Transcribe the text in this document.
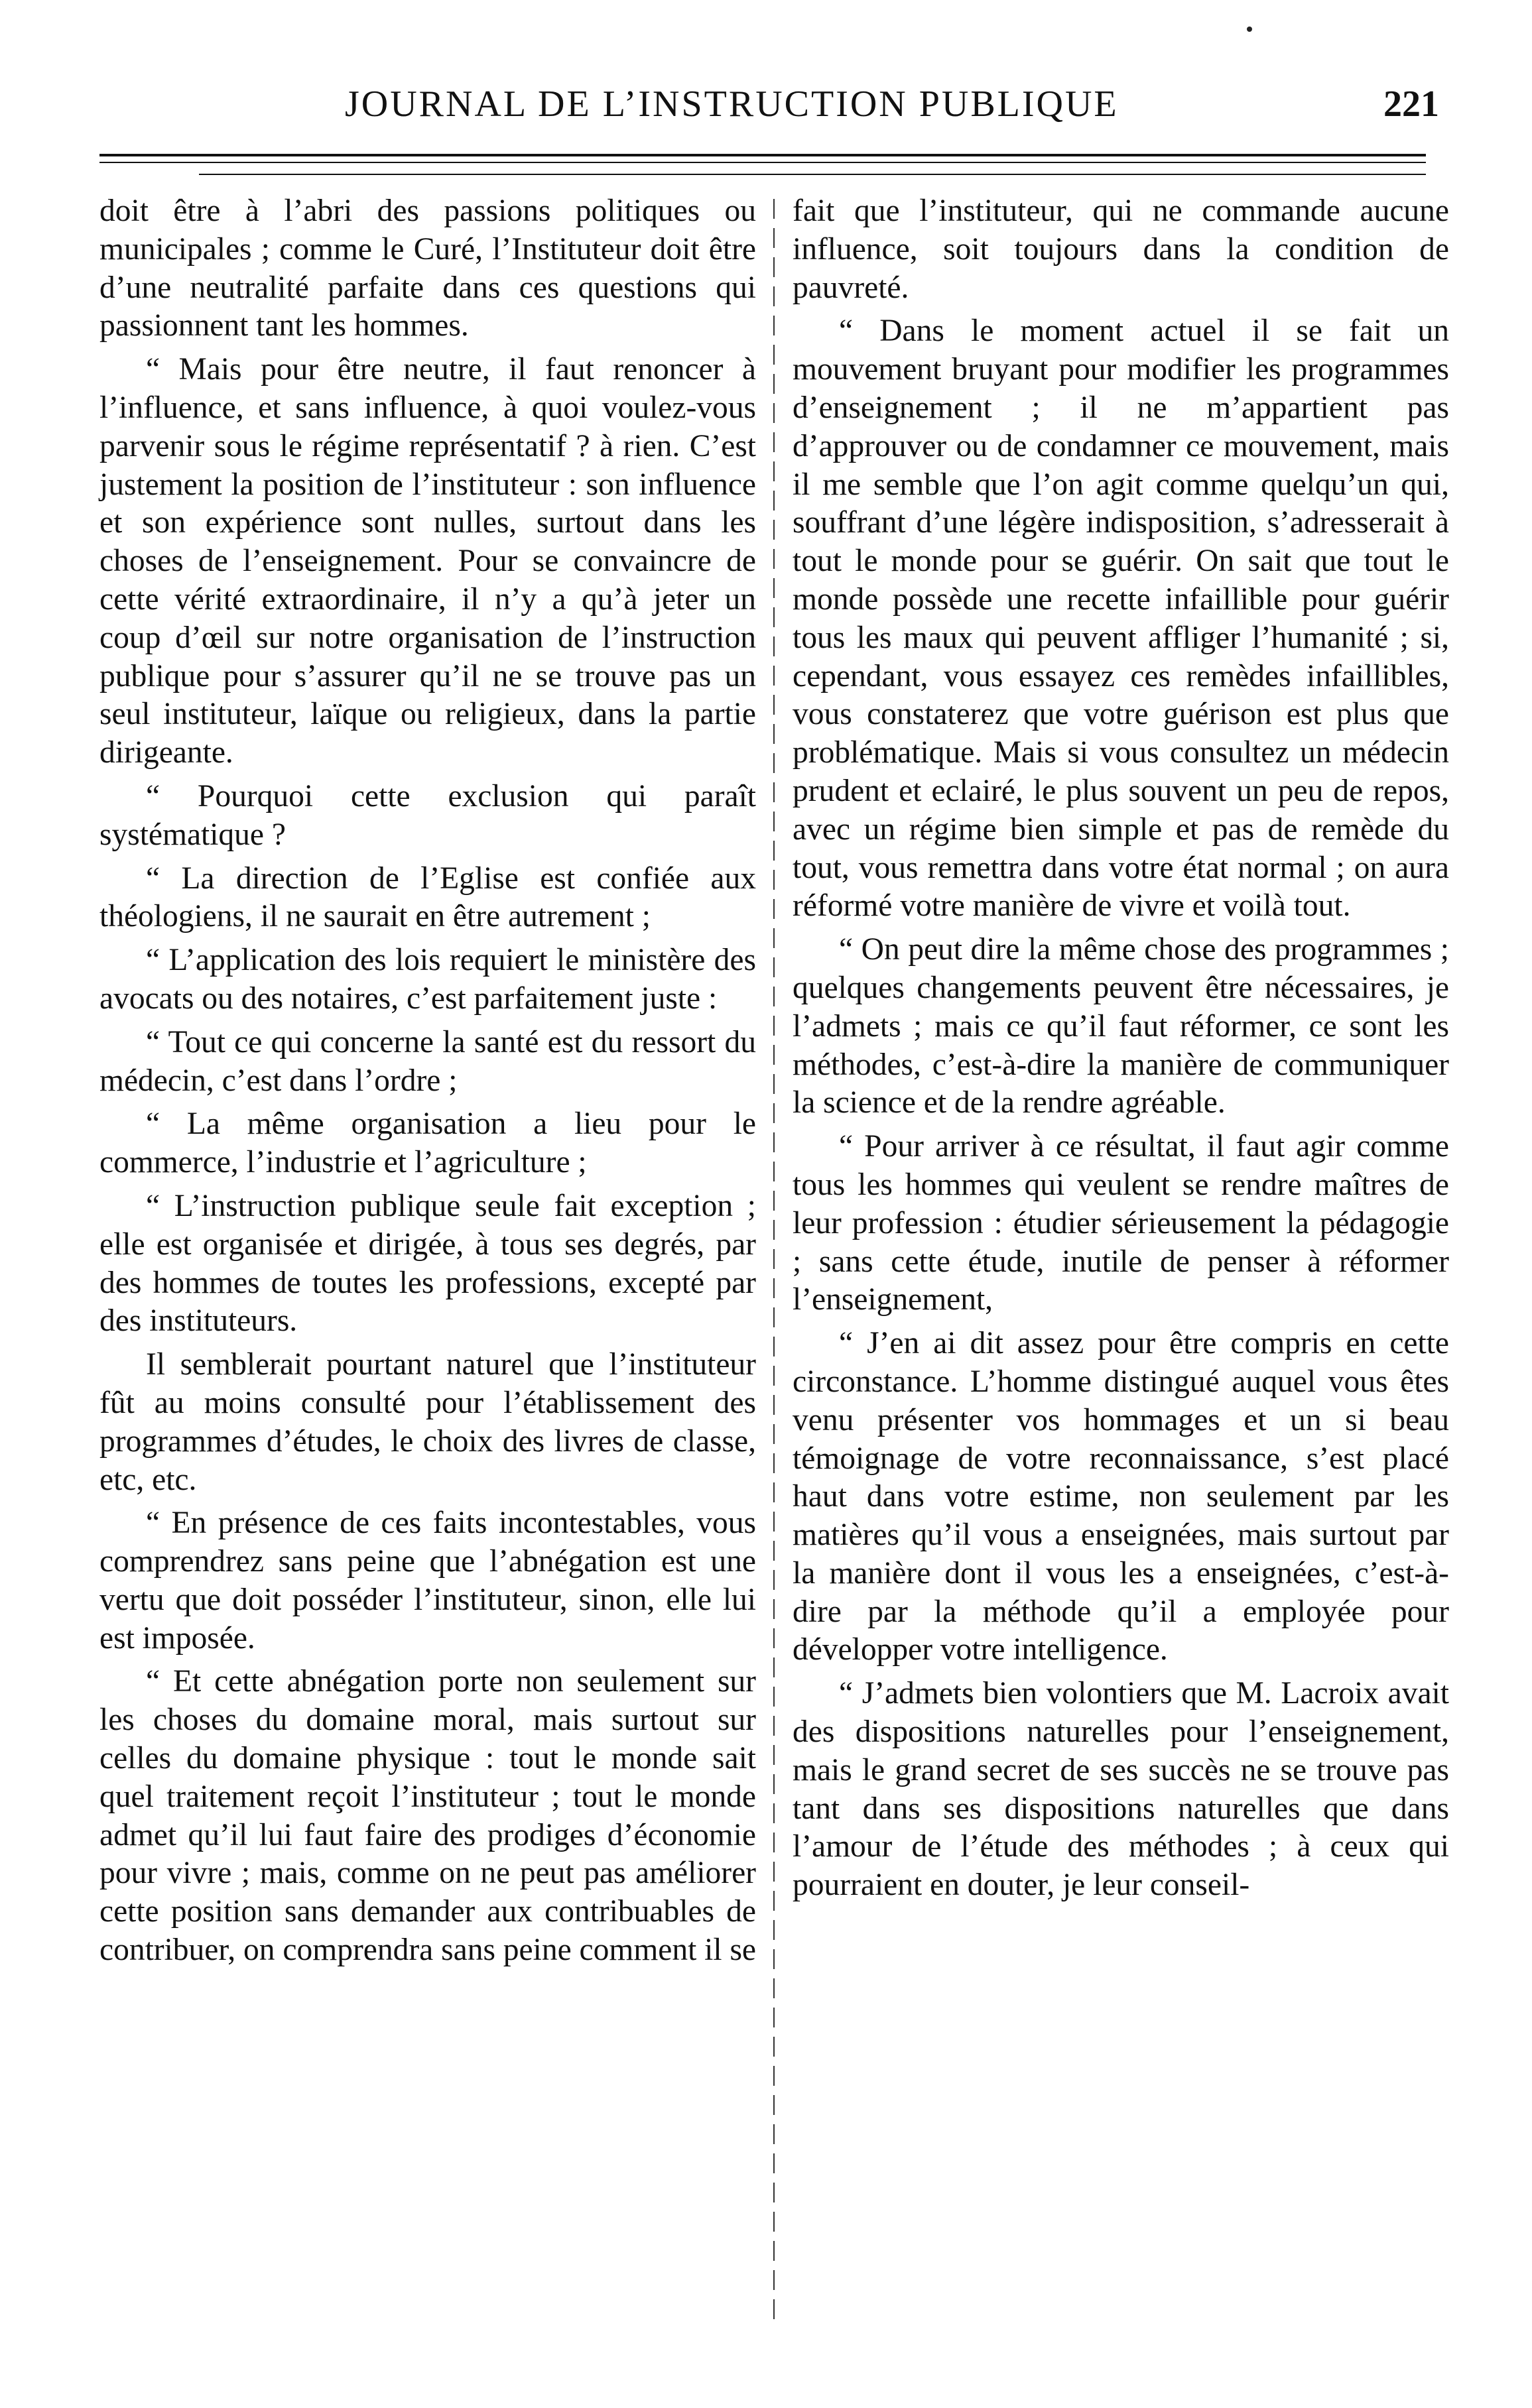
JOURNAL DE L’INSTRUCTION PUBLIQUE	221

doit être à l’abri des passions politiques ou municipales ; comme le Curé, l’Instituteur doit être d’une neutralité parfaite dans ces questions qui passionnent tant les hommes.

“ Mais pour être neutre, il faut renoncer à l’influence, et sans influence, à quoi voulez-vous parvenir sous le régime représentatif ? à rien. C’est justement la position de l’instituteur : son influence et son expérience sont nulles, surtout dans les choses de l’enseignement. Pour se convaincre de cette vérité extraordinaire, il n’y a qu’à jeter un coup d’œil sur notre organisation de l’instruction publique pour s’assurer qu’il ne se trouve pas un seul instituteur, laïque ou religieux, dans la partie dirigeante.

“ Pourquoi cette exclusion qui paraît systématique ?

“ La direction de l’Eglise est confiée aux théologiens, il ne saurait en être autrement ;

“ L’application des lois requiert le ministère des avocats ou des notaires, c’est parfaitement juste :

“ Tout ce qui concerne la santé est du ressort du médecin, c’est dans l’ordre ;

“ La même organisation a lieu pour le commerce, l’industrie et l’agriculture ;

“ L’instruction publique seule fait exception ; elle est organisée et dirigée, à tous ses degrés, par des hommes de toutes les professions, excepté par des instituteurs.

Il semblerait pourtant naturel que l’instituteur fût au moins consulté pour l’établissement des programmes d’études, le choix des livres de classe, etc, etc.

“ En présence de ces faits incontestables, vous comprendrez sans peine que l’abnégation est une vertu que doit posséder l’instituteur, sinon, elle lui est imposée.

“ Et cette abnégation porte non seulement sur les choses du domaine moral, mais surtout sur celles du domaine physique : tout le monde sait quel traitement reçoit l’instituteur ; tout le monde admet qu’il lui faut faire des prodiges d’économie pour vivre ; mais, comme on ne peut pas améliorer cette position sans demander aux contribuables de contribuer, on comprendra sans peine comment il se

fait que l’instituteur, qui ne commande aucune influence, soit toujours dans la condition de pauvreté.

“ Dans le moment actuel il se fait un mouvement bruyant pour modifier les programmes d’enseignement ; il ne m’appartient pas d’approuver ou de condamner ce mouvement, mais il me semble que l’on agit comme quelqu’un qui, souffrant d’une légère indisposition, s’adresserait à tout le monde pour se guérir. On sait que tout le monde possède une recette infaillible pour guérir tous les maux qui peuvent affliger l’humanité ; si, cependant, vous essayez ces remèdes infaillibles, vous constaterez que votre guérison est plus que problématique. Mais si vous consultez un médecin prudent et eclairé, le plus souvent un peu de repos, avec un régime bien simple et pas de remède du tout, vous remettra dans votre état normal ; on aura réformé votre manière de vivre et voilà tout.

“ On peut dire la même chose des programmes ; quelques changements peuvent être nécessaires, je l’admets ; mais ce qu’il faut réformer, ce sont les méthodes, c’est-à-dire la manière de communiquer la science et de la rendre agréable.

“ Pour arriver à ce résultat, il faut agir comme tous les hommes qui veulent se rendre maîtres de leur profession : étudier sérieusement la pédagogie ; sans cette étude, inutile de penser à réformer l’enseignement,

“ J’en ai dit assez pour être compris en cette circonstance. L’homme distingué auquel vous êtes venu présenter vos hommages et un si beau témoignage de votre reconnaissance, s’est placé haut dans votre estime, non seulement par les matières qu’il vous a enseignées, mais surtout par la manière dont il vous les a enseignées, c’est-à-dire par la méthode qu’il a employée pour développer votre intelligence.

“ J’admets bien volontiers que M. Lacroix avait des dispositions naturelles pour l’enseignement, mais le grand secret de ses succès ne se trouve pas tant dans ses dispositions naturelles que dans l’amour de l’étude des méthodes ; à ceux qui pourraient en douter, je leur conseil-
